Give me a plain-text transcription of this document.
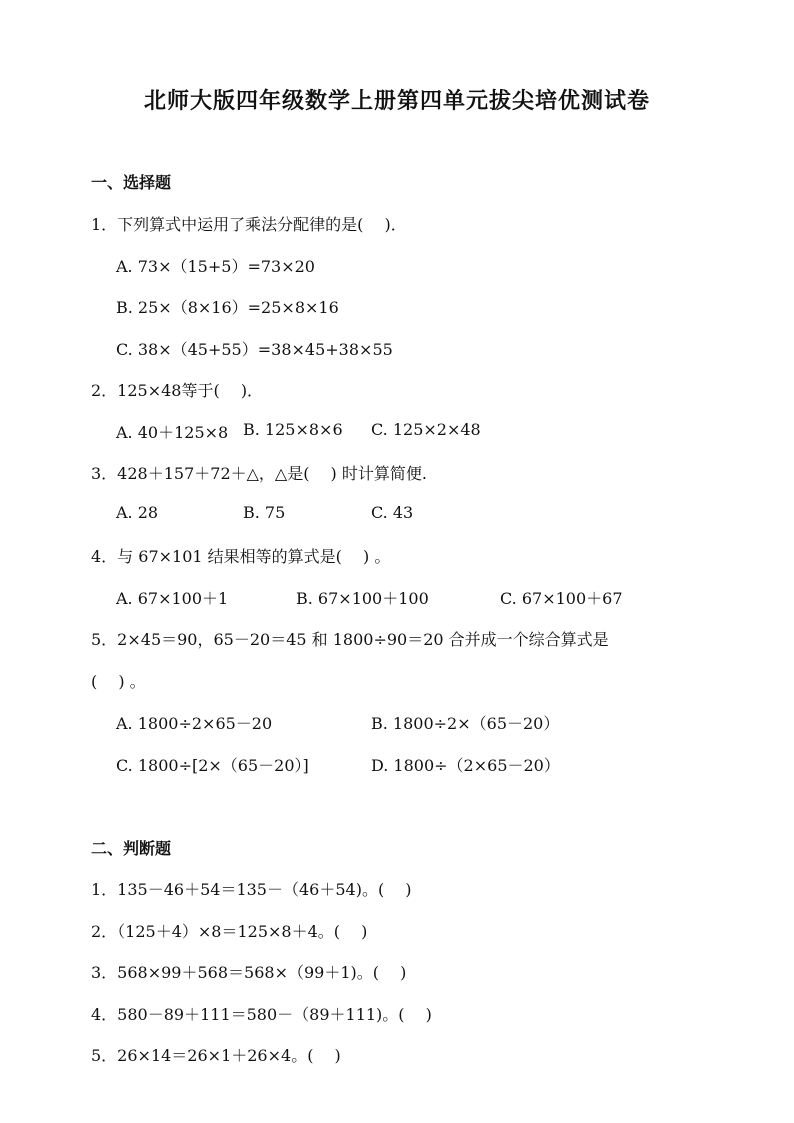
北师大版四年级数学上册第四单元拔尖培优测试卷
一、选择题
1．下列算式中运用了乘法分配律的是(　 )．
A. 73×（15+5）=73×20
B. 25×（8×16）=25×8×16
C. 38×（45+55）=38×45+38×55
2．125×48等于(　 )．
A. 40＋125×8 B. 125×8×6 C. 125×2×48
3．428＋157＋72＋△，△是(　 ) 时计算简便.
A. 28	B. 75	C. 43
4．与 67×101 结果相等的算式是(　 ) 。
A. 67×100＋1	B. 67×100＋100	C. 67×100＋67
5．2×45＝90，65－20＝45 和 1800÷90＝20 合并成一个综合算式是
(　 ) 。
A. 1800÷2×65－20	B. 1800÷2×（65－20）
C. 1800÷[2×（65－20）]	D. 1800÷（2×65－20）
二、判断题
1．135－46＋54＝135－（46＋54)。(　 )
2．（125＋4）×8＝125×8＋4。(　 )
3．568×99＋568＝568×（99＋1)。(　 )
4．580－89＋111＝580－（89＋111)。(　 )
5．26×14＝26×1＋26×4。(　 )
